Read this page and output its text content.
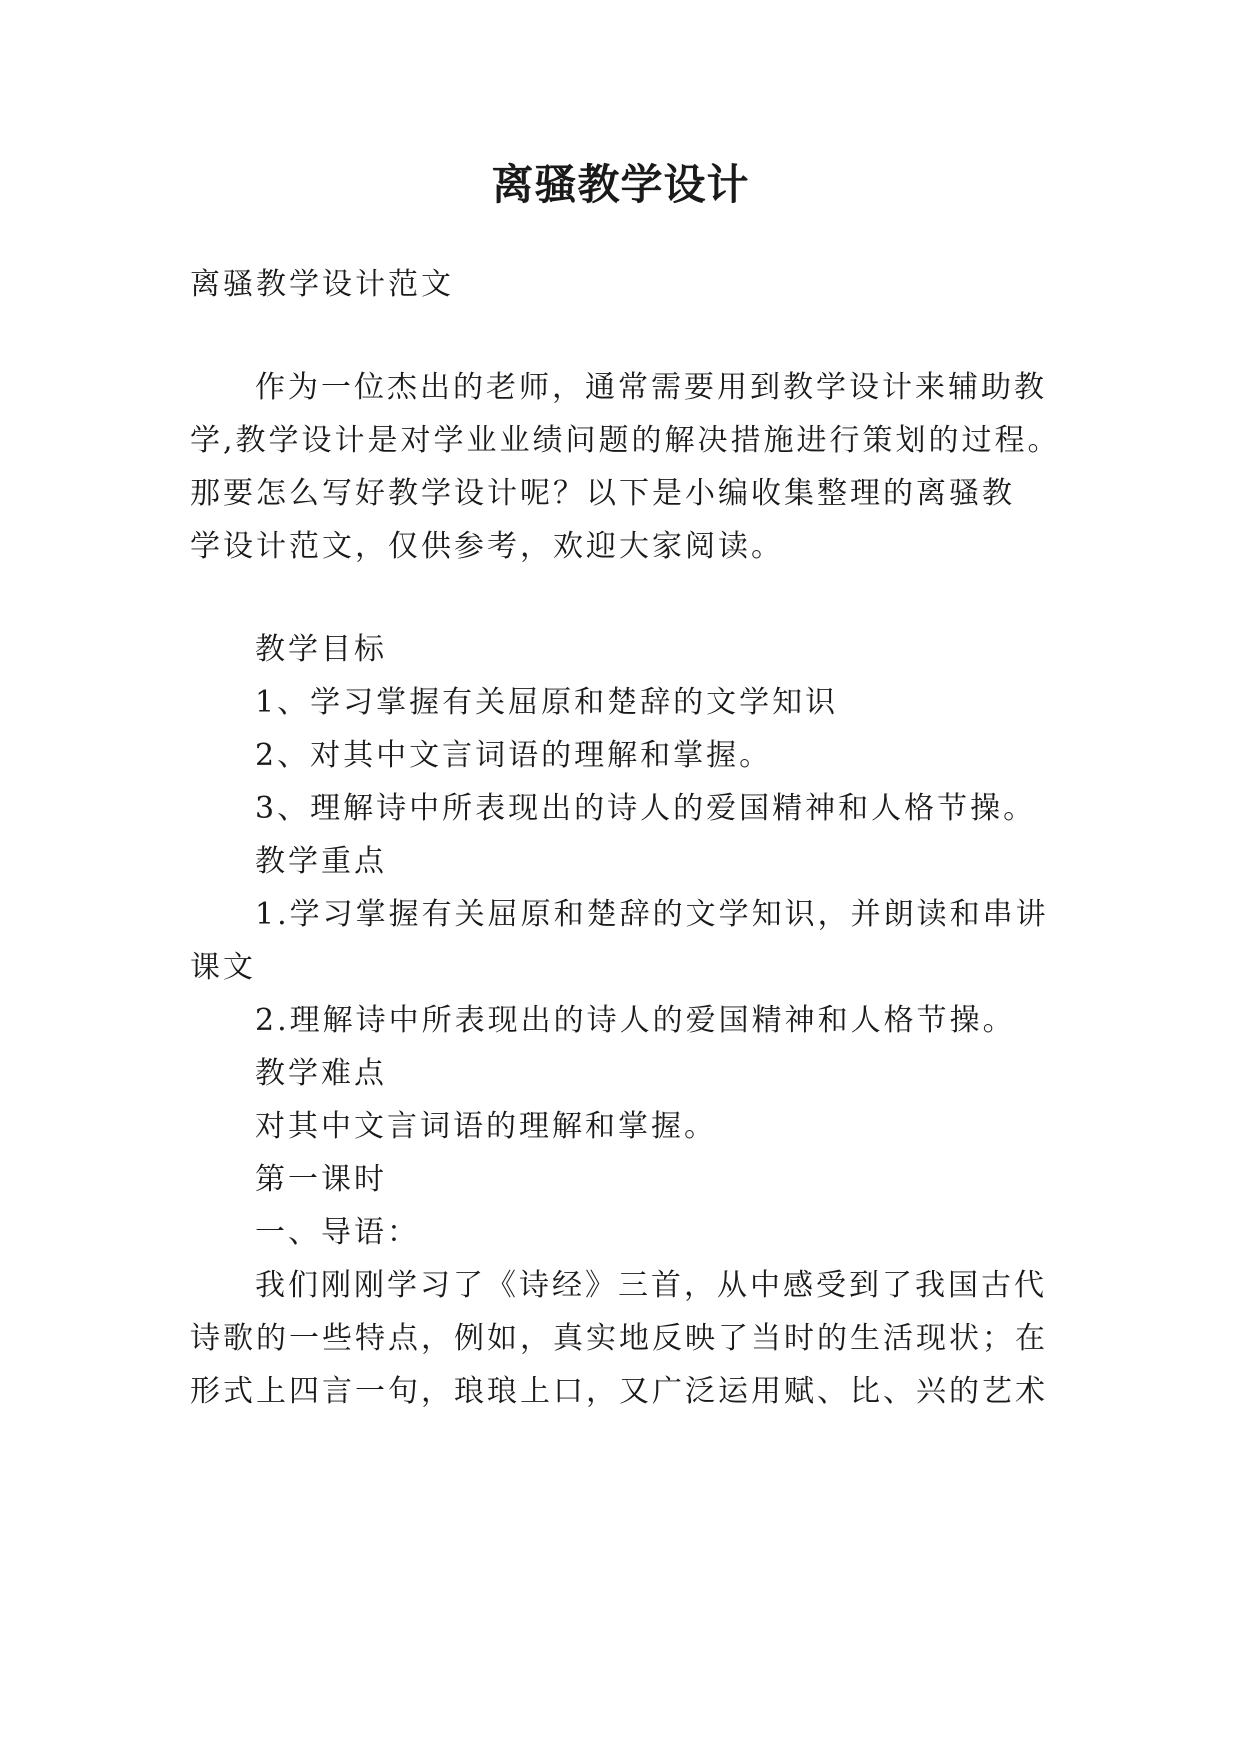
离骚教学设计
离骚教学设计范文
作为一位杰出的老师，通常需要用到教学设计来辅助教
学,教学设计是对学业业绩问题的解决措施进行策划的过程。
那要怎么写好教学设计呢？以下是小编收集整理的离骚教
学设计范文，仅供参考，欢迎大家阅读。
教学目标
1、学习掌握有关屈原和楚辞的文学知识
2、对其中文言词语的理解和掌握。
3、理解诗中所表现出的诗人的爱国精神和人格节操。
教学重点
1.学习掌握有关屈原和楚辞的文学知识，并朗读和串讲
课文
2.理解诗中所表现出的诗人的爱国精神和人格节操。
教学难点
对其中文言词语的理解和掌握。
第一课时
一、导语：
我们刚刚学习了《诗经》三首，从中感受到了我国古代
诗歌的一些特点，例如，真实地反映了当时的生活现状；在
形式上四言一句，琅琅上口，又广泛运用赋、比、兴的艺术
